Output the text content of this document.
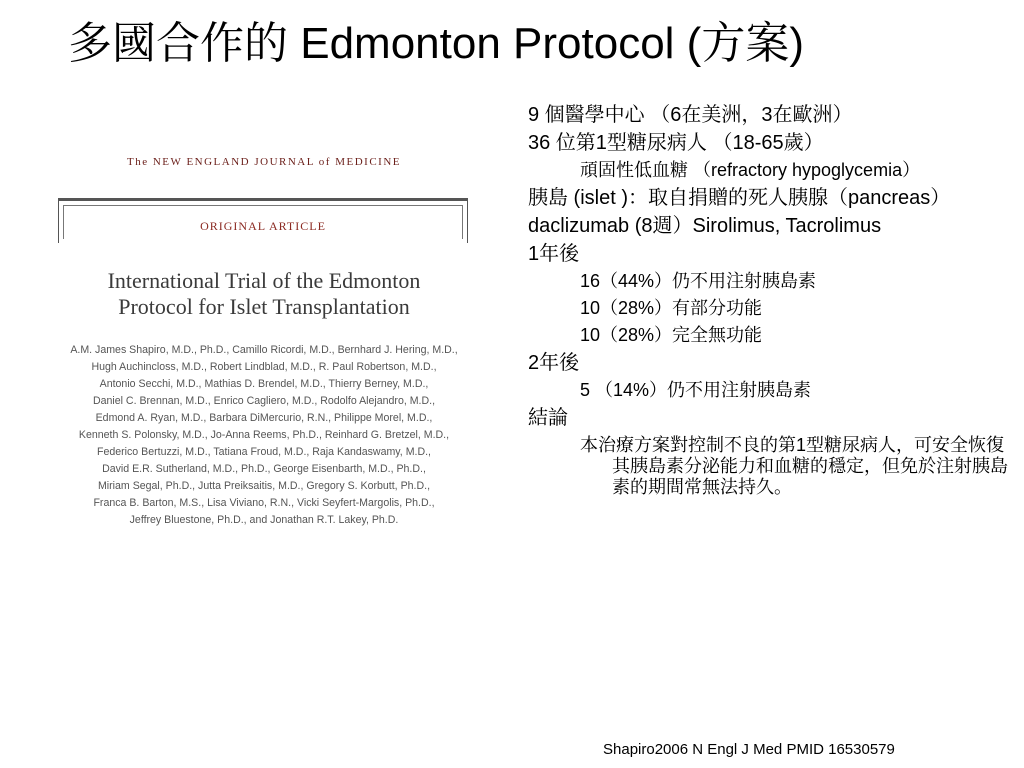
多國合作的 Edmonton Protocol (方案)
The NEW ENGLAND JOURNAL of MEDICINE
ORIGINAL ARTICLE
International Trial of the Edmonton
Protocol for Islet Transplantation
A.M. James Shapiro, M.D., Ph.D., Camillo Ricordi, M.D., Bernhard J. Hering, M.D.,
Hugh Auchincloss, M.D., Robert Lindblad, M.D., R. Paul Robertson, M.D.,
Antonio Secchi, M.D., Mathias D. Brendel, M.D., Thierry Berney, M.D.,
Daniel C. Brennan, M.D., Enrico Cagliero, M.D., Rodolfo Alejandro, M.D.,
Edmond A. Ryan, M.D., Barbara DiMercurio, R.N., Philippe Morel, M.D.,
Kenneth S. Polonsky, M.D., Jo-Anna Reems, Ph.D., Reinhard G. Bretzel, M.D.,
Federico Bertuzzi, M.D., Tatiana Froud, M.D., Raja Kandaswamy, M.D.,
David E.R. Sutherland, M.D., Ph.D., George Eisenbarth, M.D., Ph.D.,
Miriam Segal, Ph.D., Jutta Preiksaitis, M.D., Gregory S. Korbutt, Ph.D.,
Franca B. Barton, M.S., Lisa Viviano, R.N., Vicki Seyfert-Margolis, Ph.D.,
Jeffrey Bluestone, Ph.D., and Jonathan R.T. Lakey, Ph.D.
9 個醫學中心 （6在美洲，3在歐洲）
36 位第1型糖尿病人 （18-65歲）
頑固性低血糖 （refractory hypoglycemia）
胰島 (islet )：取自捐贈的死人胰腺（pancreas）
daclizumab (8週）Sirolimus, Tacrolimus
1年後
16（44%）仍不用注射胰島素
10（28%）有部分功能
10（28%）完全無功能
2年後
5 （14%）仍不用注射胰島素
結論
本治療方案對控制不良的第1型糖尿病人，可安全恢復其胰島素分泌能力和血糖的穩定，但免於注射胰島素的期間常無法持久。
Shapiro2006 N Engl J Med PMID 16530579
